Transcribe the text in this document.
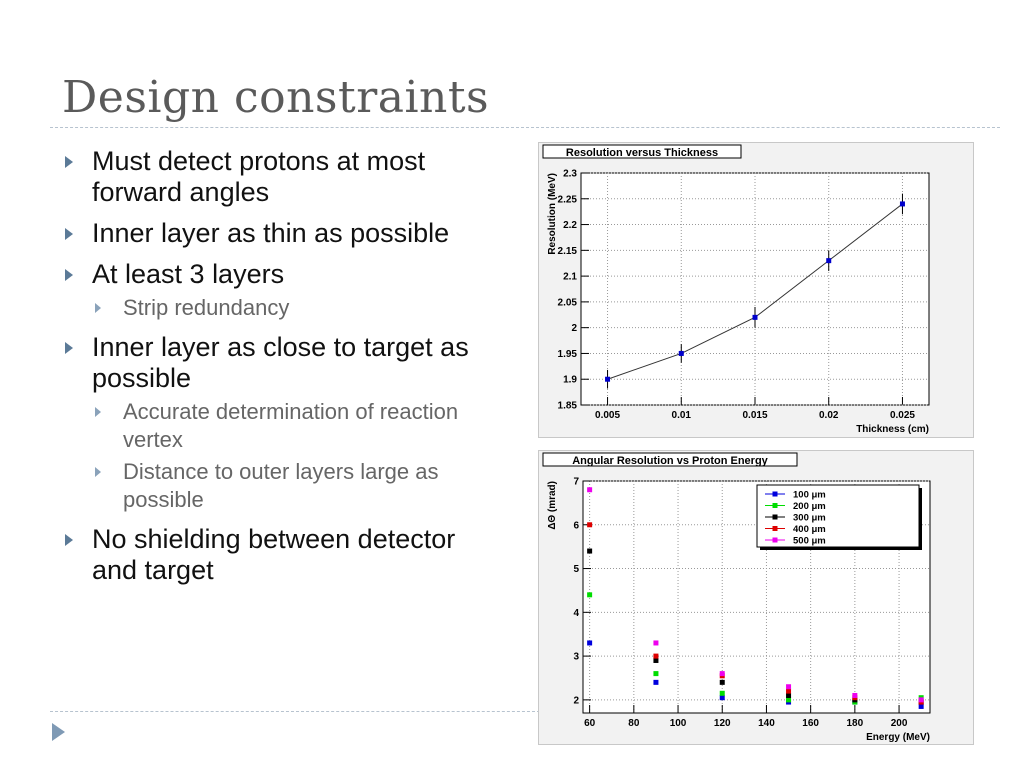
Design constraints
Must detect protons at most forward angles
Inner layer as thin as possible
At least 3 layers
Strip redundancy
Inner layer as close to target as possible
Accurate determination of reaction vertex
Distance to outer layers large as possible
No shielding between detector and target
Resolution versus Thickness
0.005	0.01	0.015	0.02	0.025
1.85
1.9
1.95
2
2.05
2.1
2.15
2.2
2.25
2.3
Thickness (cm)
Resolution (MeV)
Angular Resolution vs Proton Energy
60	80	100	120	140	160	180	200
2
3
4
5
6
7
Energy (MeV)
ΔΘ (mrad)	100 μm
200 μm
300 μm
400 μm
500 μm
